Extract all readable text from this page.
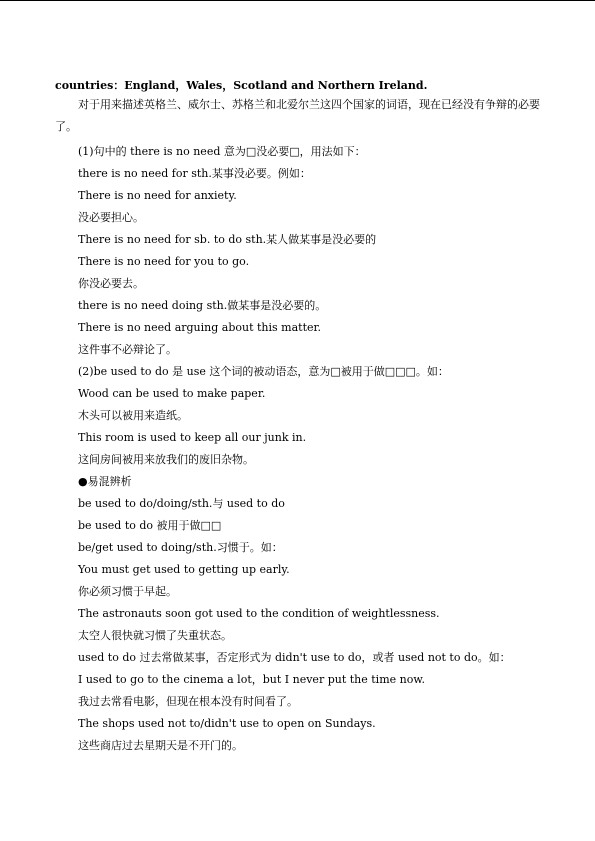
countries：England，Wales，Scotland and Northern Ireland.
对于用来描述英格兰、威尔士、苏格兰和北爱尔兰这四个国家的词语，现在已经没有争辩的必要了。
(1)句中的 there is no need 意为□没必要□，用法如下：
there is no need for sth.某事没必要。例如：
There is no need for anxiety.
没必要担心。
There is no need for sb. to do sth.某人做某事是没必要的
There is no need for you to go.
你没必要去。
there is no need doing sth.做某事是没必要的。
There is no need arguing about this matter.
这件事不必辩论了。
(2)be used to do 是 use 这个词的被动语态，意为□被用于做□□□。如：
Wood can be used to make paper.
木头可以被用来造纸。
This room is used to keep all our junk in.
这间房间被用来放我们的废旧杂物。
●易混辨析
be used to do/doing/sth.与 used to do
be used to do 被用于做□□
be/get used to doing/sth.习惯于。如：
You must get used to getting up early.
你必须习惯于早起。
The astronauts soon got used to the condition of weightlessness.
太空人很快就习惯了失重状态。
used to do 过去常做某事，否定形式为 didn't use to do，或者 used not to do。如：
I used to go to the cinema a lot，but I never put the time now.
我过去常看电影，但现在根本没有时间看了。
The shops used not to/didn't use to open on Sundays.
这些商店过去星期天是不开门的。
